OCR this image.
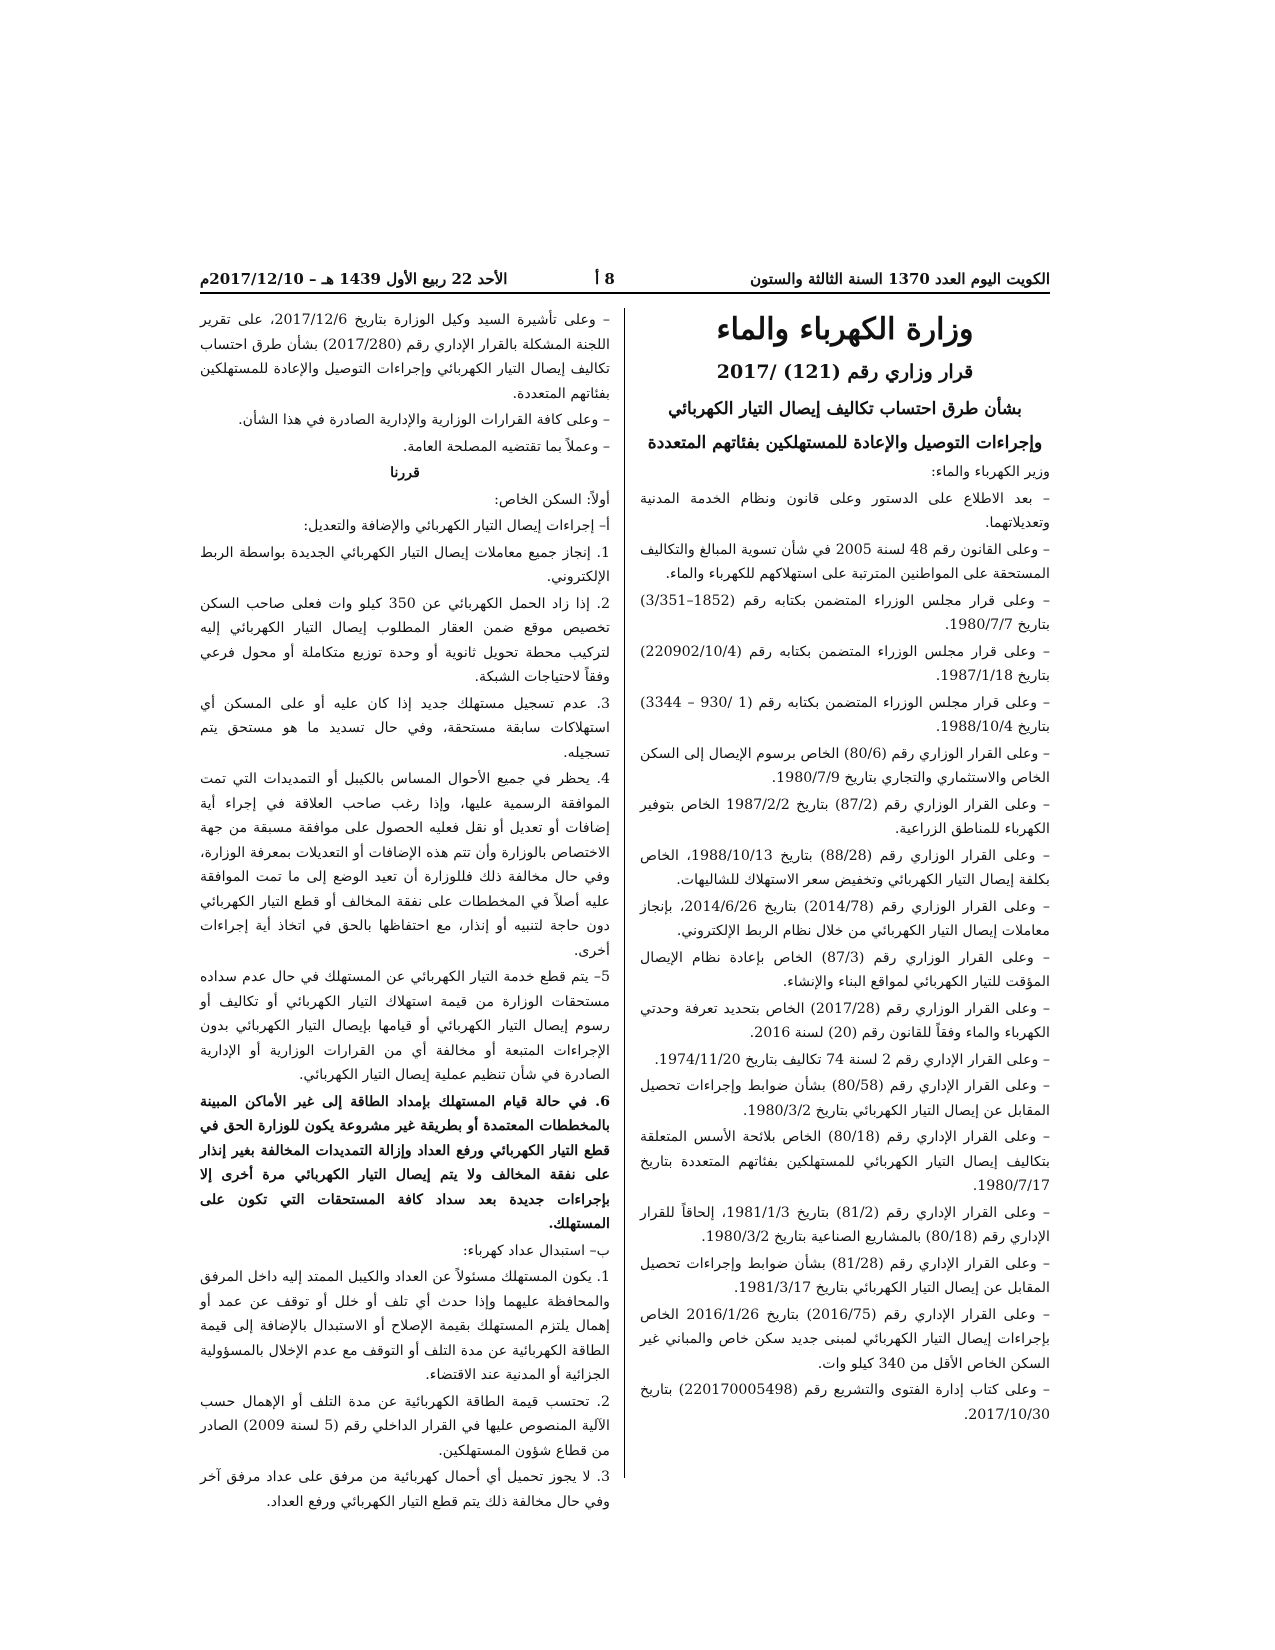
الكويت اليوم العدد 1370 السنة الثالثة والستون
8 أ
الأحد 22 ربيع الأول 1439 هـ – 2017/12/10م
وزارة الكهرباء والماء
قرار وزاري رقم (121) /2017
بشأن طرق احتساب تكاليف إيصال التيار الكهربائي
وإجراءات التوصيل والإعادة للمستهلكين بفئاتهم المتعددة

وزير الكهرباء والماء:

– بعد الاطلاع على الدستور وعلى قانون ونظام الخدمة المدنية وتعديلاتهما.

– وعلى القانون رقم 48 لسنة 2005 في شأن تسوية المبالغ والتكاليف المستحقة على المواطنين المترتبة على استهلاكهم للكهرباء والماء.

– وعلى قرار مجلس الوزراء المتضمن بكتابه رقم (1852–3/351) بتاريخ 1980/7/7.

– وعلى قرار مجلس الوزراء المتضمن بكتابه رقم (220902/10/4) بتاريخ 1987/1/18.

– وعلى قرار مجلس الوزراء المتضمن بكتابه رقم (1 /930 – 3344) بتاريخ 1988/10/4.

– وعلى القرار الوزاري رقم (80/6) الخاص برسوم الإيصال إلى السكن الخاص والاستثماري والتجاري بتاريخ 1980/7/9.

– وعلى القرار الوزاري رقم (87/2) بتاريخ 1987/2/2 الخاص بتوفير الكهرباء للمناطق الزراعية.

– وعلى القرار الوزاري رقم (88/28) بتاريخ 1988/10/13، الخاص بكلفة إيصال التيار الكهربائي وتخفيض سعر الاستهلاك للشاليهات.

– وعلى القرار الوزاري رقم (2014/78) بتاريخ 2014/6/26، بإنجاز معاملات إيصال التيار الكهربائي من خلال نظام الربط الإلكتروني.

– وعلى القرار الوزاري رقم (87/3) الخاص بإعادة نظام الإيصال المؤقت للتيار الكهربائي لمواقع البناء والإنشاء.

– وعلى القرار الوزاري رقم (2017/28) الخاص بتحديد تعرفة وحدتي الكهرباء والماء وفقاً للقانون رقم (20) لسنة 2016.

– وعلى القرار الإداري رقم 2 لسنة 74 تكاليف بتاريخ 1974/11/20.

– وعلى القرار الإداري رقم (80/58) بشأن ضوابط وإجراءات تحصيل المقابل عن إيصال التيار الكهربائي بتاريخ 1980/3/2.

– وعلى القرار الإداري رقم (80/18) الخاص بلائحة الأسس المتعلقة بتكاليف إيصال التيار الكهربائي للمستهلكين بفئاتهم المتعددة بتاريخ 1980/7/17.

– وعلى القرار الإداري رقم (81/2) بتاريخ 1981/1/3، إلحاقاً للقرار الإداري رقم (80/18) بالمشاريع الصناعية بتاريخ 1980/3/2.

– وعلى القرار الإداري رقم (81/28) بشأن ضوابط وإجراءات تحصيل المقابل عن إيصال التيار الكهربائي بتاريخ 1981/3/17.

– وعلى القرار الإداري رقم (2016/75) بتاريخ 2016/1/26 الخاص بإجراءات إيصال التيار الكهربائي لمبنى جديد سكن خاص والمباني غير السكن الخاص الأقل من 340 كيلو وات.

– وعلى كتاب إدارة الفتوى والتشريع رقم (220170005498) بتاريخ 2017/10/30.

– وعلى تأشيرة السيد وكيل الوزارة بتاريخ 2017/12/6، على تقرير اللجنة المشكلة بالقرار الإداري رقم (2017/280) بشأن طرق احتساب تكاليف إيصال التيار الكهربائي وإجراءات التوصيل والإعادة للمستهلكين بفئاتهم المتعددة.

– وعلى كافة القرارات الوزارية والإدارية الصادرة في هذا الشأن.

– وعملاً بما تقتضيه المصلحة العامة.

قررنا

أولاً: السكن الخاص:

أ– إجراءات إيصال التيار الكهربائي والإضافة والتعديل:

1. إنجاز جميع معاملات إيصال التيار الكهربائي الجديدة بواسطة الربط الإلكتروني.

2. إذا زاد الحمل الكهربائي عن 350 كيلو وات فعلى صاحب السكن تخصيص موقع ضمن العقار المطلوب إيصال التيار الكهربائي إليه لتركيب محطة تحويل ثانوية أو وحدة توزيع متكاملة أو محول فرعي وفقاً لاحتياجات الشبكة.

3. عدم تسجيل مستهلك جديد إذا كان عليه أو على المسكن أي استهلاكات سابقة مستحقة، وفي حال تسديد ما هو مستحق يتم تسجيله.

4. يحظر في جميع الأحوال المساس بالكيبل أو التمديدات التي تمت الموافقة الرسمية عليها، وإذا رغب صاحب العلاقة في إجراء أية إضافات أو تعديل أو نقل فعليه الحصول على موافقة مسبقة من جهة الاختصاص بالوزارة وأن تتم هذه الإضافات أو التعديلات بمعرفة الوزارة، وفي حال مخالفة ذلك فللوزارة أن تعيد الوضع إلى ما تمت الموافقة عليه أصلاً في المخططات على نفقة المخالف أو قطع التيار الكهربائي دون حاجة لتنبيه أو إنذار، مع احتفاظها بالحق في اتخاذ أية إجراءات أخرى.

5– يتم قطع خدمة التيار الكهربائي عن المستهلك في حال عدم سداده مستحقات الوزارة من قيمة استهلاك التيار الكهربائي أو تكاليف أو رسوم إيصال التيار الكهربائي أو قيامها بإيصال التيار الكهربائي بدون الإجراءات المتبعة أو مخالفة أي من القرارات الوزارية أو الإدارية الصادرة في شأن تنظيم عملية إيصال التيار الكهربائي.

6. في حالة قيام المستهلك بإمداد الطاقة إلى غير الأماكن المبينة بالمخططات المعتمدة أو بطريقة غير مشروعة يكون للوزارة الحق في قطع التيار الكهربائي ورفع العداد وإزالة التمديدات المخالفة بغير إنذار على نفقة المخالف ولا يتم إيصال التيار الكهربائي مرة أخرى إلا بإجراءات جديدة بعد سداد كافة المستحقات التي تكون على المستهلك.

ب– استبدال عداد كهرباء:

1. يكون المستهلك مسئولاً عن العداد والكيبل الممتد إليه داخل المرفق والمحافظة عليهما وإذا حدث أي تلف أو خلل أو توقف عن عمد أو إهمال يلتزم المستهلك بقيمة الإصلاح أو الاستبدال بالإضافة إلى قيمة الطاقة الكهربائية عن مدة التلف أو التوقف مع عدم الإخلال بالمسؤولية الجزائية أو المدنية عند الاقتضاء.

2. تحتسب قيمة الطاقة الكهربائية عن مدة التلف أو الإهمال حسب الآلية المنصوص عليها في القرار الداخلي رقم (5 لسنة 2009) الصادر من قطاع شؤون المستهلكين.

3. لا يجوز تحميل أي أحمال كهربائية من مرفق على عداد مرفق آخر وفي حال مخالفة ذلك يتم قطع التيار الكهربائي ورفع العداد.
